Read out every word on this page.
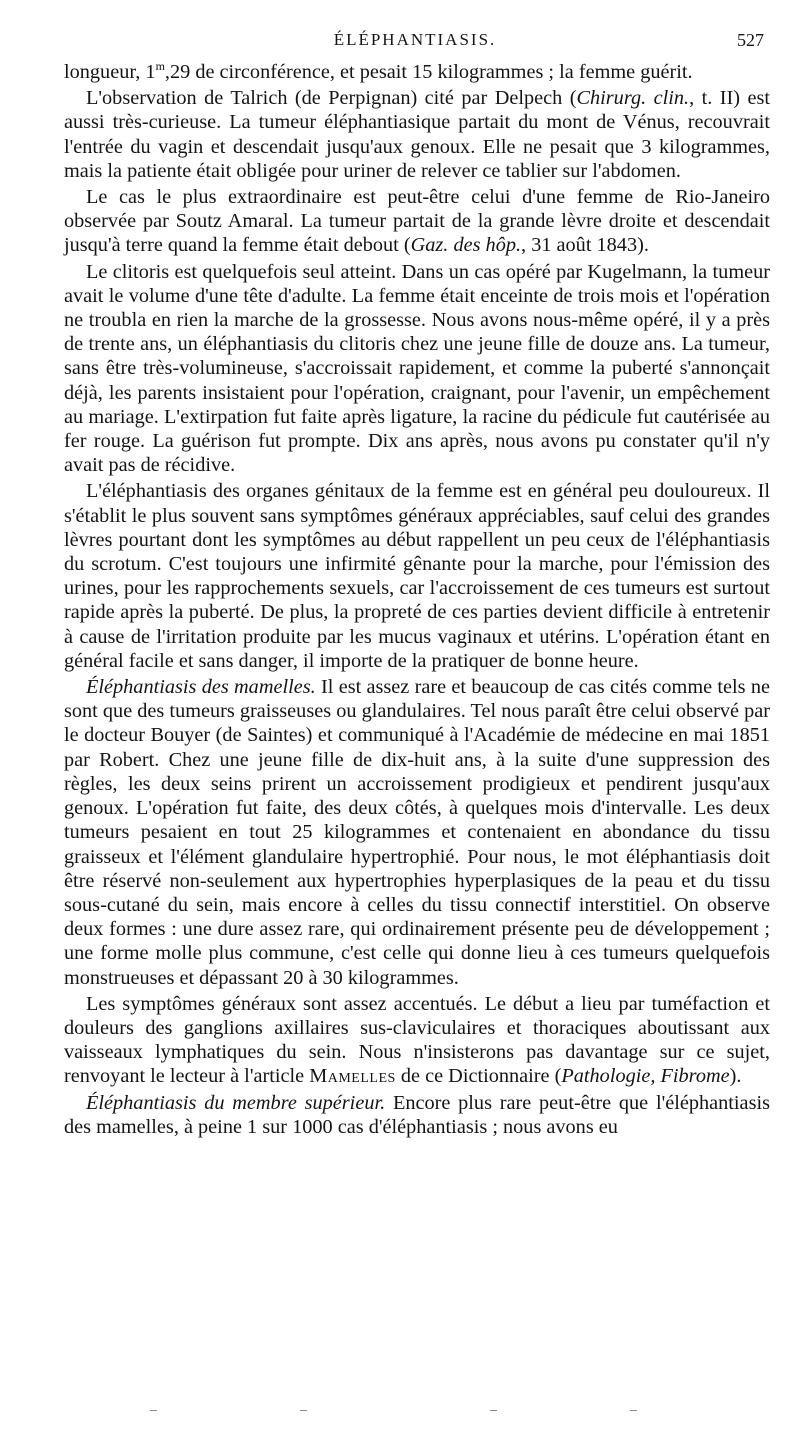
ÉLÉPHANTIASIS.	527

longueur, 1$^m$,29 de circonférence, et pesait 15 kilogrammes ; la femme guérit.

L'observation de Talrich (de Perpignan) cité par Delpech (Chirurg. clin., t. II) est aussi très-curieuse. La tumeur éléphantiasique partait du mont de Vénus, recouvrait l'entrée du vagin et descendait jusqu'aux genoux. Elle ne pesait que 3 kilogrammes, mais la patiente était obligée pour uriner de relever ce tablier sur l'abdomen.

Le cas le plus extraordinaire est peut-être celui d'une femme de Rio-Janeiro observée par Soutz Amaral. La tumeur partait de la grande lèvre droite et descendait jusqu'à terre quand la femme était debout (Gaz. des hôp., 31 août 1843).

Le clitoris est quelquefois seul atteint. Dans un cas opéré par Kugelmann, la tumeur avait le volume d'une tête d'adulte. La femme était enceinte de trois mois et l'opération ne troubla en rien la marche de la grossesse. Nous avons nous-même opéré, il y a près de trente ans, un éléphantiasis du clitoris chez une jeune fille de douze ans. La tumeur, sans être très-volumineuse, s'accroissait rapidement, et comme la puberté s'annonçait déjà, les parents insistaient pour l'opération, craignant, pour l'avenir, un empêchement au mariage. L'extirpation fut faite après ligature, la racine du pédicule fut cautérisée au fer rouge. La guérison fut prompte. Dix ans après, nous avons pu constater qu'il n'y avait pas de récidive.

L'éléphantiasis des organes génitaux de la femme est en général peu douloureux. Il s'établit le plus souvent sans symptômes généraux appréciables, sauf celui des grandes lèvres pourtant dont les symptômes au début rappellent un peu ceux de l'éléphantiasis du scrotum. C'est toujours une infirmité gênante pour la marche, pour l'émission des urines, pour les rapprochements sexuels, car l'accroissement de ces tumeurs est surtout rapide après la puberté. De plus, la propreté de ces parties devient difficile à entretenir à cause de l'irritation produite par les mucus vaginaux et utérins. L'opération étant en général facile et sans danger, il importe de la pratiquer de bonne heure.

Éléphantiasis des mamelles. Il est assez rare et beaucoup de cas cités comme tels ne sont que des tumeurs graisseuses ou glandulaires. Tel nous paraît être celui observé par le docteur Bouyer (de Saintes) et communiqué à l'Académie de médecine en mai 1851 par Robert. Chez une jeune fille de dix-huit ans, à la suite d'une suppression des règles, les deux seins prirent un accroissement prodigieux et pendirent jusqu'aux genoux. L'opération fut faite, des deux côtés, à quelques mois d'intervalle. Les deux tumeurs pesaient en tout 25 kilogrammes et contenaient en abondance du tissu graisseux et l'élément glandulaire hypertrophié. Pour nous, le mot éléphantiasis doit être réservé non-seulement aux hypertrophies hyperplasiques de la peau et du tissu sous-cutané du sein, mais encore à celles du tissu connectif interstitiel. On observe deux formes : une dure assez rare, qui ordinairement présente peu de développement ; une forme molle plus commune, c'est celle qui donne lieu à ces tumeurs quelquefois monstrueuses et dépassant 20 à 30 kilogrammes.

Les symptômes généraux sont assez accentués. Le début a lieu par tuméfaction et douleurs des ganglions axillaires sus-claviculaires et thoraciques aboutissant aux vaisseaux lymphatiques du sein. Nous n'insisterons pas davantage sur ce sujet, renvoyant le lecteur à l'article Mamelles de ce Dictionnaire (Pathologie, Fibrome).

Éléphantiasis du membre supérieur. Encore plus rare peut-être que l'éléphantiasis des mamelles, à peine 1 sur 1000 cas d'éléphantiasis ; nous avons eu
